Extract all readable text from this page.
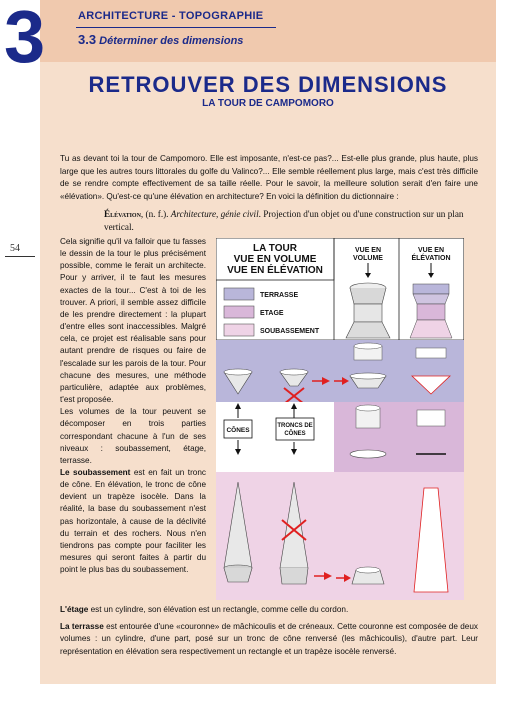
3	ARCHITECTURE - TOPOGRAPHIE
3.3 Déterminer des dimensions
54
RETROUVER DES DIMENSIONS
LA TOUR DE CAMPOMORO
Tu as devant toi la tour de Campomoro. Elle est imposante, n'est-ce pas?... Est-elle plus grande, plus haute, plus large que les autres tours littorales du golfe du Valinco?... Elle semble réellement plus large, mais c'est très difficile de se rendre compte effectivement de sa taille réelle. Pour le savoir, la meilleure solution serait d'en faire une «élévation». Qu'est-ce qu'une élévation en architecture? En voici la définition du dictionnaire :
Élévation, (n. f.). Architecture, génie civil. Projection d'un objet ou d'une construction sur un plan vertical.

Cela signifie qu'il va falloir que tu fasses le dessin de la tour le plus précisément possible, comme le ferait un architecte. Pour y arriver, il te faut les mesures exactes de la tour... C'est à toi de les trouver. A priori, il semble assez difficile de les prendre directement : la plupart d'entre elles sont inaccessibles. Malgré cela, ce projet est réalisable sans pour autant prendre de risques ou faire de l'escalade sur les parois de la tour. Pour chacune des mesures, une méthode particulière, adaptée aux problèmes, t'est proposée.

Les volumes de la tour peuvent se décomposer en trois parties correspondant chacune à l'un de ses niveaux : soubassement, étage, terrasse.

Le soubassement est en fait un tronc de cône. En élévation, le tronc de cône devient un trapèze isocèle. Dans la réalité, la base du soubassement n'est pas horizontale, à cause de la déclivité du terrain et des rochers. Nous n'en tiendrons pas compte pour faciliter les mesures qui seront faites à partir du point le plus bas du soubassement.

LA TOUR
VUE EN VOLUME
VUE EN ÉLÉVATION
VUE EN
VOLUME
VUE EN
ÉLÉVATION
TERRASSE
ETAGE
SOUBASSEMENT
CÔNES
TRONCS DE
CÔNES

L'étage est un cylindre, son élévation est un rectangle, comme celle du cordon.

La terrasse est entourée d'une «couronne» de mâchicoulis et de créneaux. Cette couronne est composée de deux volumes : un cylindre, d'une part, posé sur un tronc de cône renversé (les mâchicoulis), d'autre part. Leur représentation en élévation sera respectivement un rectangle et un trapèze isocèle renversé.
